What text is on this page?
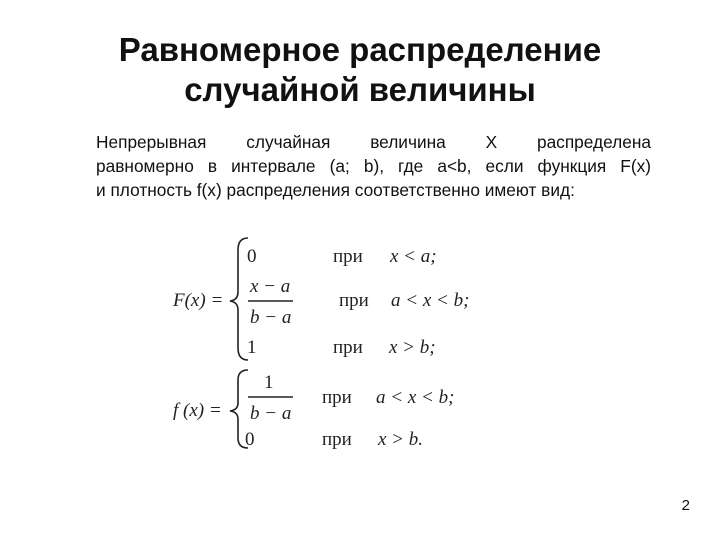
Равномерное распределение
случайной величины
Непрерывная случайная величина Х распределена
равномерно в интервале (a; b), где a<b, если функция F(x)
и плотность f(x) распределения соответственно имеют вид:
F(x) =
0	при x < a;
x − a
b − a
при a < x < b;
1	при x > b;
f (x) =
1
b − a
при a < x < b;
0	при x > b.
2
